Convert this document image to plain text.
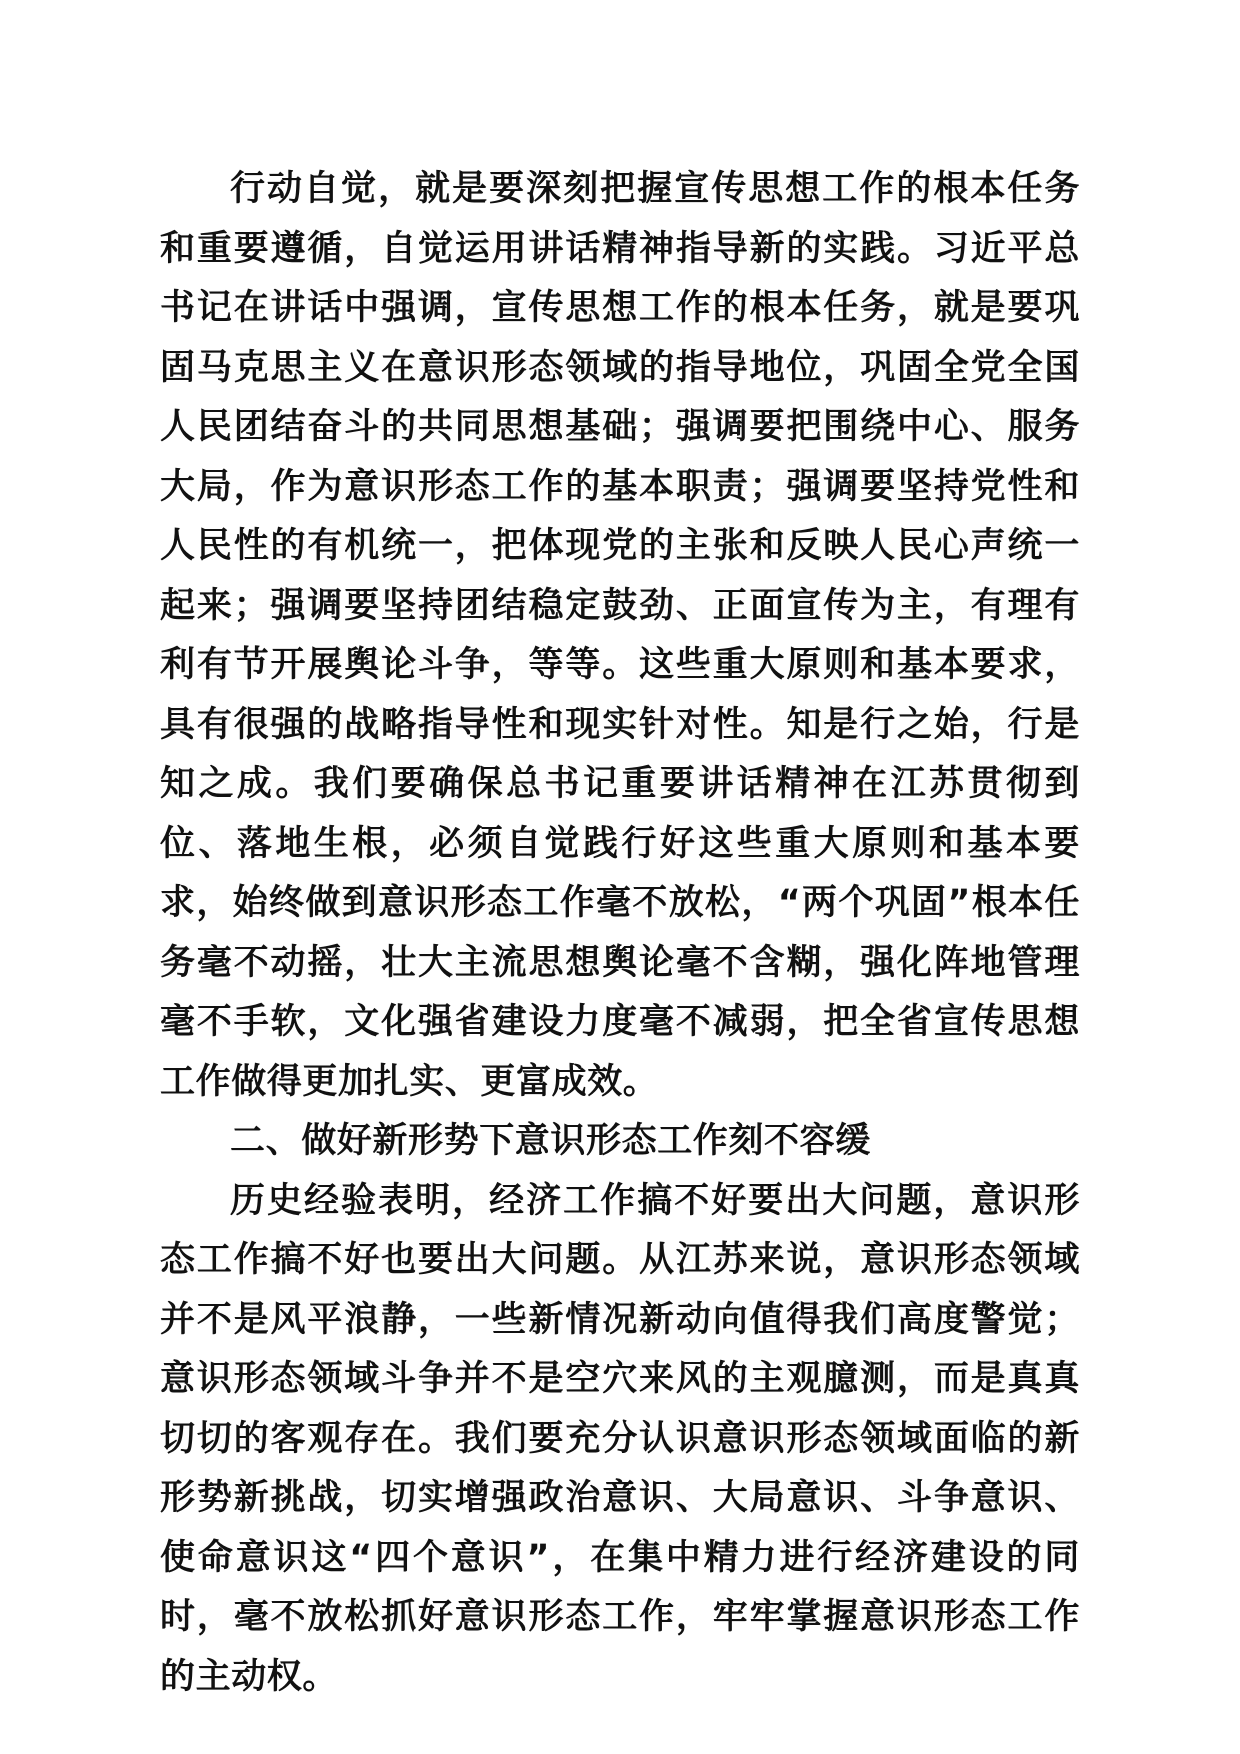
行动自觉，就是要深刻把握宣传思想工作的根本任务和重要遵循，自觉运用讲话精神指导新的实践。习近平总书记在讲话中强调，宣传思想工作的根本任务，就是要巩固马克思主义在意识形态领域的指导地位，巩固全党全国人民团结奋斗的共同思想基础；强调要把围绕中心、服务大局，作为意识形态工作的基本职责；强调要坚持党性和人民性的有机统一，把体现党的主张和反映人民心声统一起来；强调要坚持团结稳定鼓劲、正面宣传为主，有理有利有节开展舆论斗争，等等。这些重大原则和基本要求，具有很强的战略指导性和现实针对性。知是行之始，行是知之成。我们要确保总书记重要讲话精神在江苏贯彻到位、落地生根，必须自觉践行好这些重大原则和基本要求，始终做到意识形态工作毫不放松，“两个巩固”根本任务毫不动摇，壮大主流思想舆论毫不含糊，强化阵地管理毫不手软，文化强省建设力度毫不减弱，把全省宣传思想工作做得更加扎实、更富成效。

二、做好新形势下意识形态工作刻不容缓

历史经验表明，经济工作搞不好要出大问题，意识形态工作搞不好也要出大问题。从江苏来说，意识形态领域并不是风平浪静，一些新情况新动向值得我们高度警觉；意识形态领域斗争并不是空穴来风的主观臆测，而是真真切切的客观存在。我们要充分认识意识形态领域面临的新形势新挑战，切实增强政治意识、大局意识、斗争意识、使命意识这“四个意识”，在集中精力进行经济建设的同时，毫不放松抓好意识形态工作，牢牢掌握意识形态工作的主动权。
